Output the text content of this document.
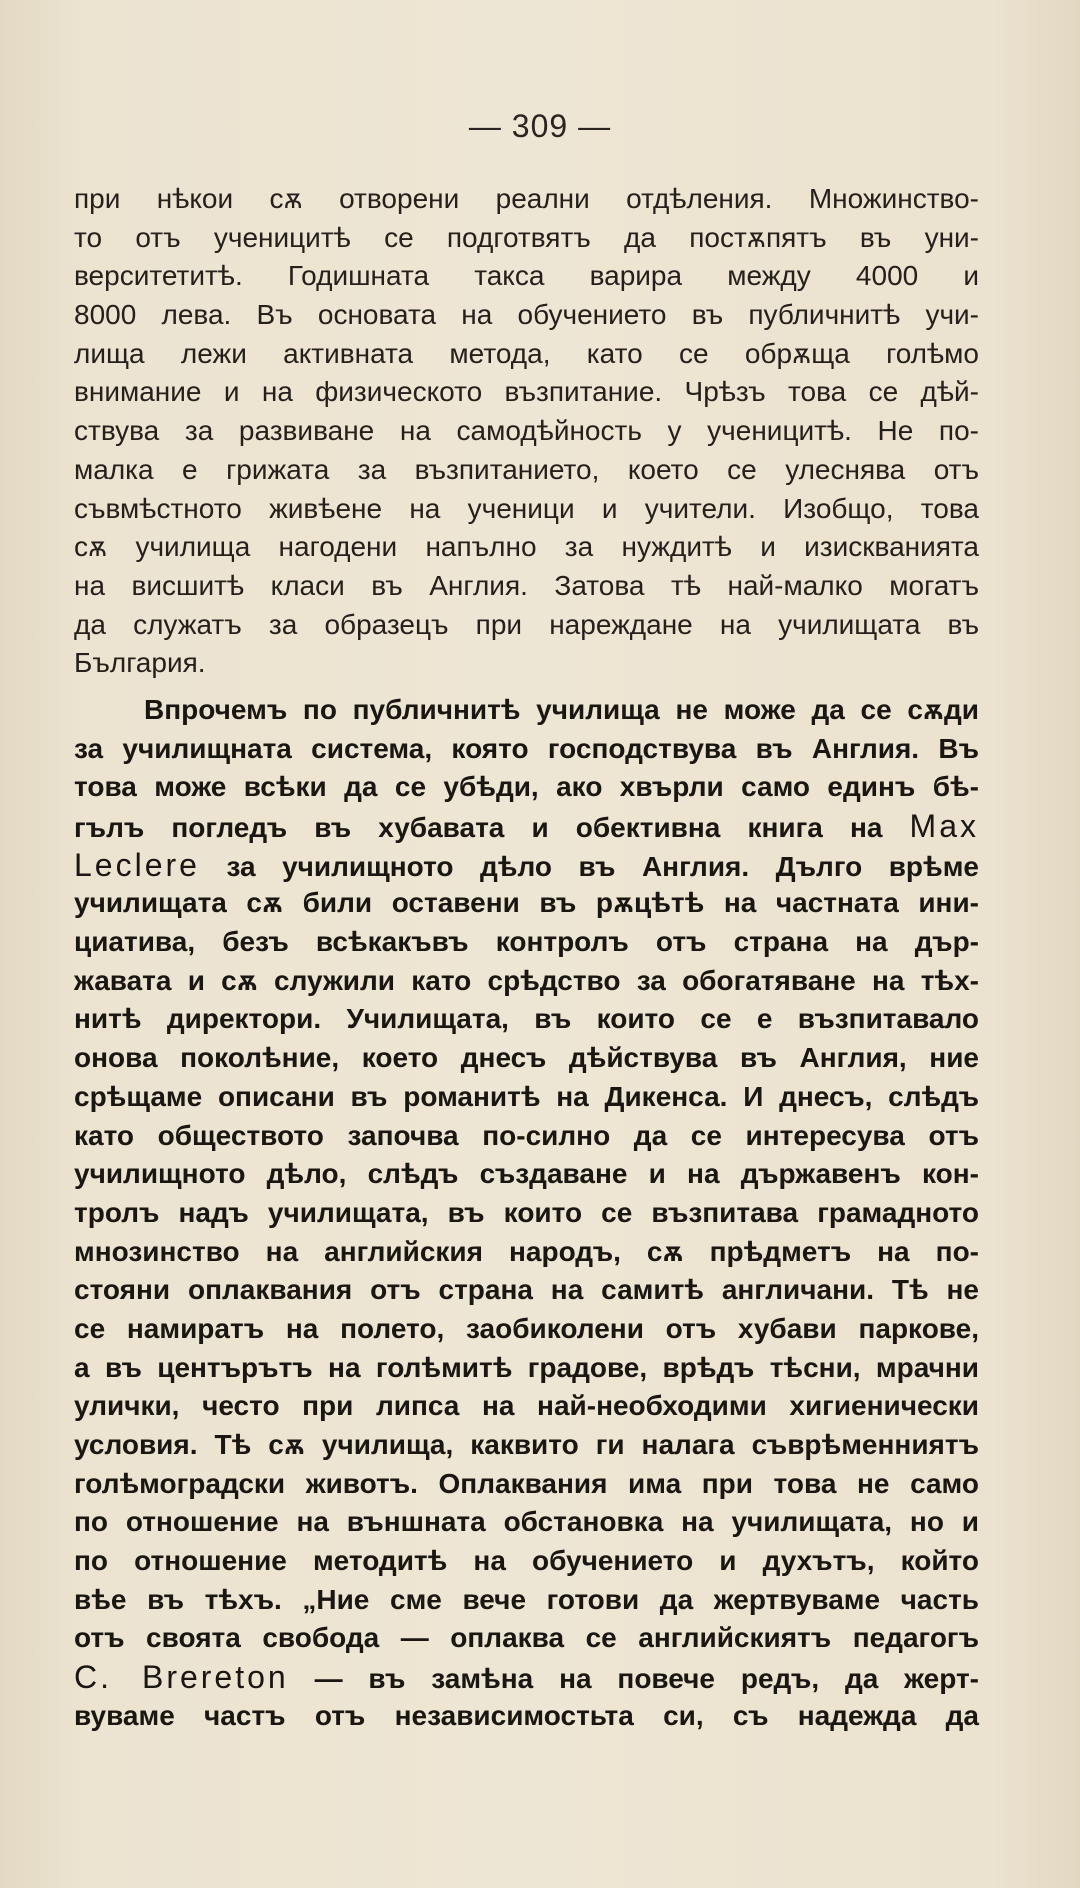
— 309 —
при нѣкои сѫ отворени реални отдѣления. Множинство-
то отъ ученицитѣ се подготвятъ да постѫпятъ въ уни-
верситетитѣ. Годишната такса варира между 4000 и
8000 лева. Въ основата на обучението въ публичнитѣ учи-
лища лежи активната метода, като се обрѫща голѣмо
внимание и на физическото възпитание. Чрѣзъ това се дѣй-
ствува за развиване на самодѣйность у ученицитѣ. Не по-
малка е грижата за възпитанието, което се улеснява отъ
съвмѣстното живѣене на ученици и учители. Изобщо, това
сѫ училища нагодени напълно за нуждитѣ и изискванията
на висшитѣ класи въ Англия. Затова тѣ най-малко могатъ
да служатъ за образецъ при нареждане на училищата въ
България.
Впрочемъ по публичнитѣ училища не може да се сѫди
за училищната система, която господствува въ Англия. Въ
това може всѣки да се убѣди, ако хвърли само единъ бѣ-
гълъ погледъ въ хубавата и обективна книга на Max
Leclere за училищното дѣло въ Англия. Дълго врѣме
училищата сѫ били оставени въ рѫцѣтѣ на частната ини-
циатива, безъ всѣкакъвъ контролъ отъ страна на дър-
жавата и сѫ служили като срѣдство за обогатяване на тѣх-
нитѣ директори. Училищата, въ които се е възпитавало
онова поколѣние, което днесъ дѣйствува въ Англия, ние
срѣщаме описани въ романитѣ на Дикенса. И днесъ, слѣдъ
като обществото започва по-силно да се интересува отъ
училищното дѣло, слѣдъ създаване и на държавенъ кон-
тролъ надъ училищата, въ които се възпитава грамадното
мнозинство на английския народъ, сѫ прѣдметъ на по-
стояни оплаквания отъ страна на самитѣ англичани. Тѣ не
се намиратъ на полето, заобиколени отъ хубави паркове,
а въ центърътъ на голѣмитѣ градове, врѣдъ тѣсни, мрачни
улички, често при липса на най-необходими хигиенически
условия. Тѣ сѫ училища, каквито ги налага съврѣменниятъ
голѣмоградски животъ. Оплаквания има при това не само
по отношение на външната обстановка на училищата, но и
по отношение методитѣ на обучението и духътъ, който
вѣе въ тѣхъ. „Ние сме вече готови да жертвуваме часть
отъ своята свобода — оплаква се английскиятъ педагогъ
C. Brereton — въ замѣна на повече редъ, да жерт-
вуваме частъ отъ независимостьта си, съ надежда да
